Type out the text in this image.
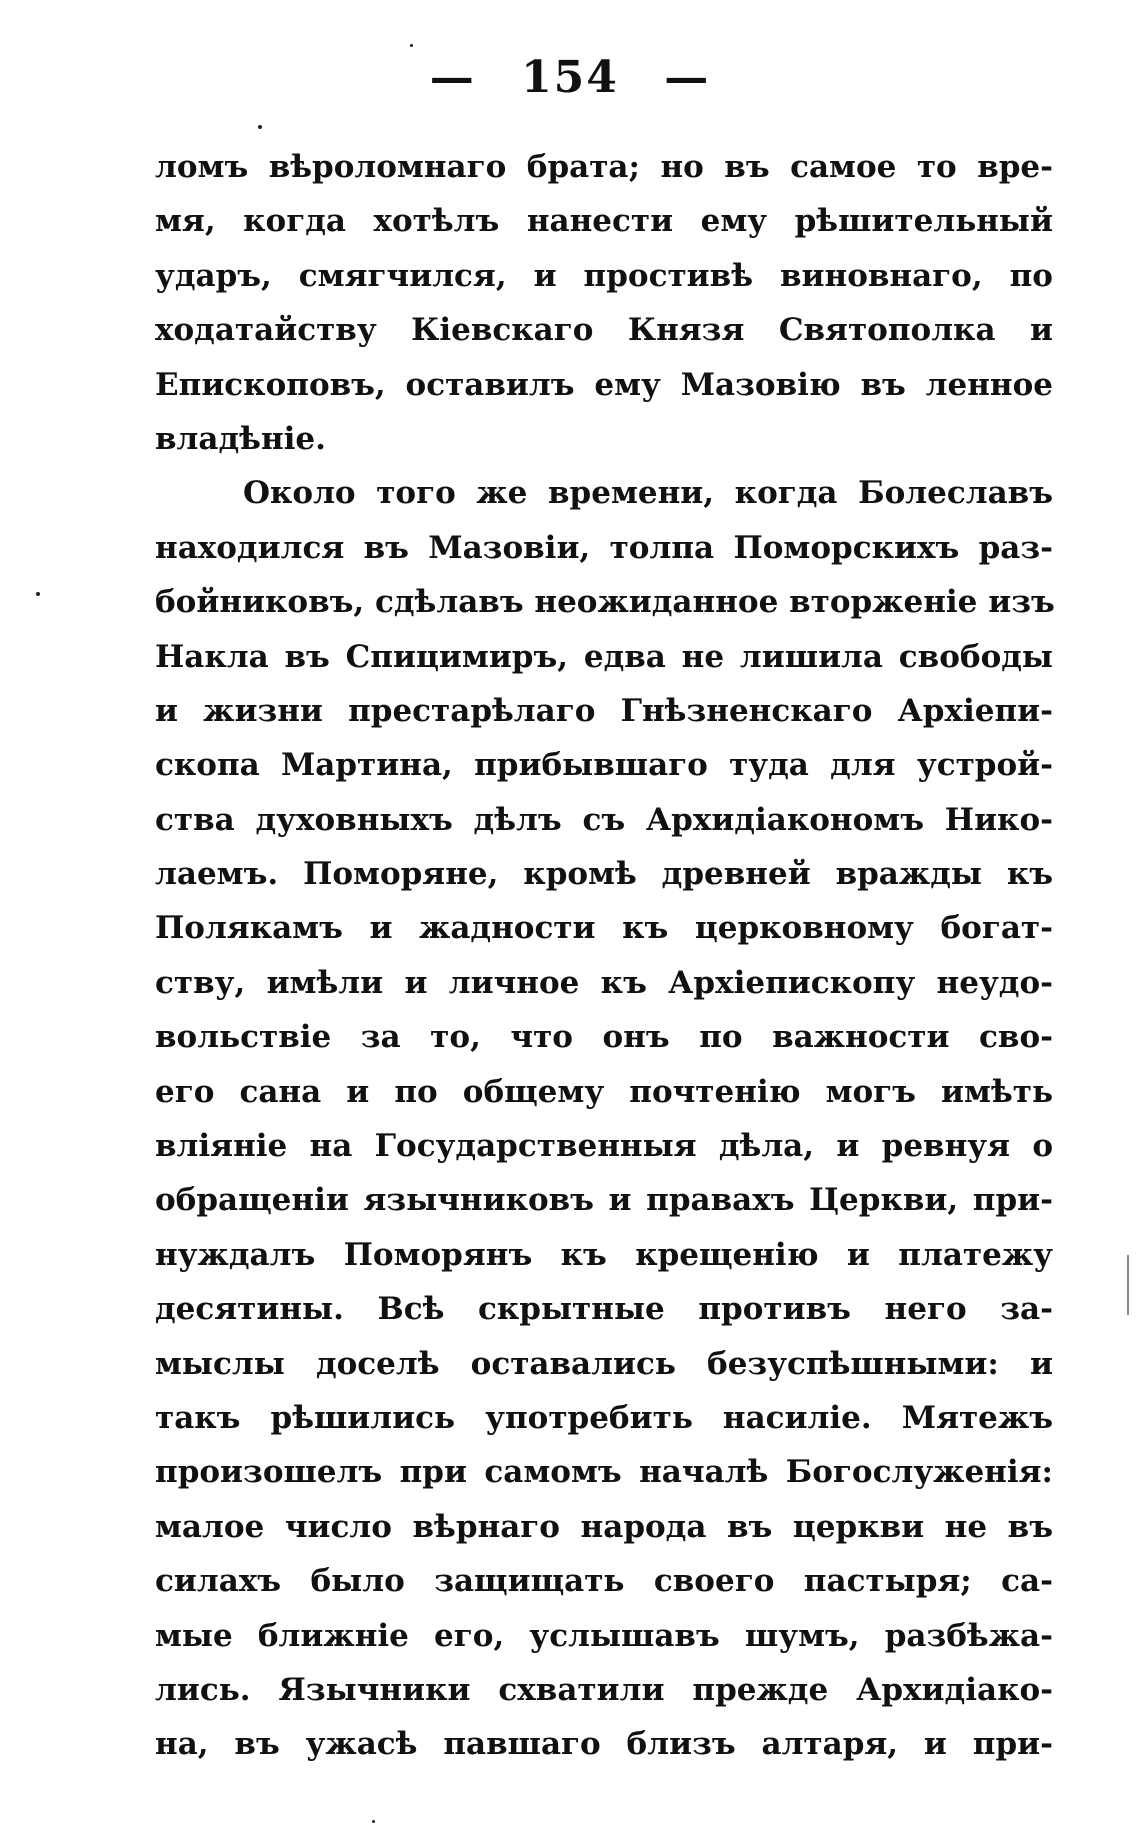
— 154 —
ломъ вѣроломнаго брата; но въ самое то вре-
мя, когда хотѣлъ нанести ему рѣшительный
ударъ, смягчился, и простивѣ виновнаго, по
ходатайству Кіевскаго Князя Святополка и
Епископовъ, оставилъ ему Мазовію въ ленное
владѣніе.
Около того же времени, когда Болеславъ
находился въ Мазовіи, толпа Поморскихъ раз-
бойниковъ, сдѣлавъ неожиданное вторженіе изъ
Накла въ Спицимиръ, едва не лишила свободы
и жизни престарѣлаго Гнѣзненскаго Архіепи-
скопа Мартина, прибывшаго туда для устрой-
ства духовныхъ дѣлъ съ Архидіакономъ Нико-
лаемъ. Поморяне, кромѣ древней вражды къ
Полякамъ и жадности къ церковному богат-
ству, имѣли и личное къ Архіепископу неудо-
вольствіе за то, что онъ по важности сво-
его сана и по общему почтенію могъ имѣть
вліяніе на Государственныя дѣла, и ревнуя о
обращеніи язычниковъ и правахъ Церкви, при-
нуждалъ Поморянъ къ крещенію и платежу
десятины. Всѣ скрытные противъ него за-
мыслы доселѣ оставались безуспѣшными: и
такъ рѣшились употребить насиліе. Мятежъ
произошелъ при самомъ началѣ Богослуженія:
малое число вѣрнаго народа въ церкви не въ
силахъ было защищать своего пастыря; са-
мые ближніе его, услышавъ шумъ, разбѣжа-
лись. Язычники схватили прежде Архидіако-
на, въ ужасѣ павшаго близъ алтаря, и при-
